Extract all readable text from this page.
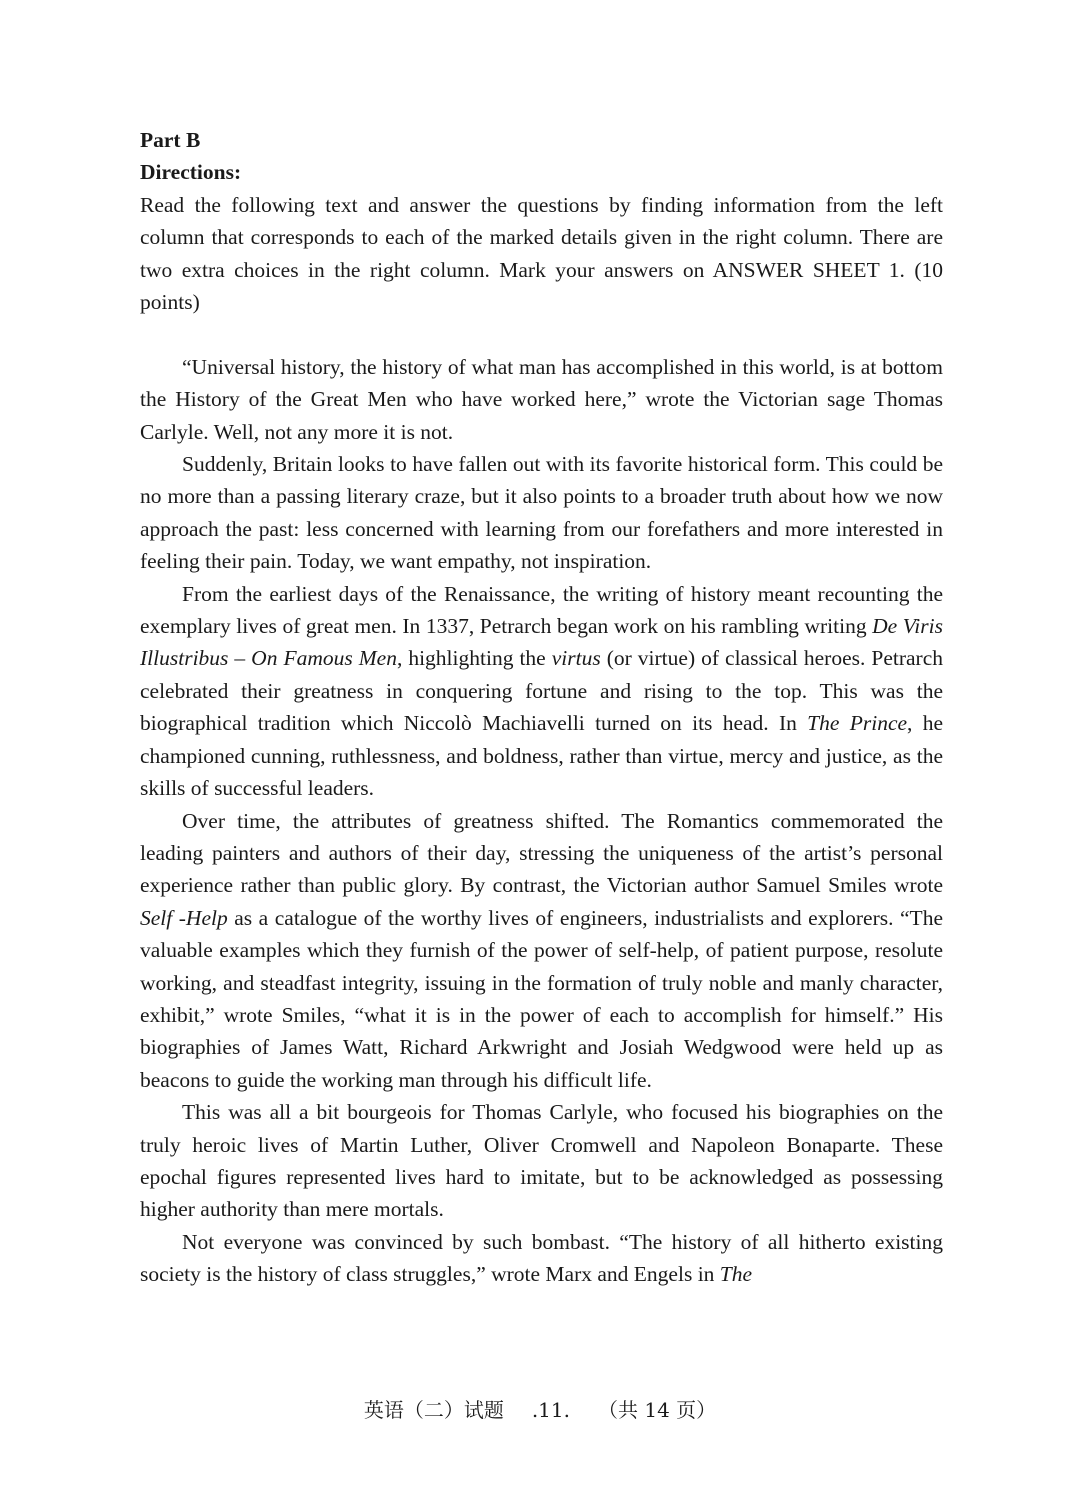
Part B

Directions:

Read the following text and answer the questions by finding information from the left column that corresponds to each of the marked details given in the right column. There are two extra choices in the right column. Mark your answers on ANSWER SHEET 1. (10 points)

“Universal history, the history of what man has accomplished in this world, is at bottom the History of the Great Men who have worked here,” wrote the Victorian sage Thomas Carlyle. Well, not any more it is not.

Suddenly, Britain looks to have fallen out with its favorite historical form. This could be no more than a passing literary craze, but it also points to a broader truth about how we now approach the past: less concerned with learning from our forefathers and more interested in feeling their pain. Today, we want empathy, not inspiration.

From the earliest days of the Renaissance, the writing of history meant recounting the exemplary lives of great men. In 1337, Petrarch began work on his rambling writing De Viris Illustribus – On Famous Men, highlighting the virtus (or virtue) of classical heroes. Petrarch celebrated their greatness in conquering fortune and rising to the top. This was the biographical tradition which Niccolò Machiavelli turned on its head. In The Prince, he championed cunning, ruthlessness, and boldness, rather than virtue, mercy and justice, as the skills of successful leaders.

Over time, the attributes of greatness shifted. The Romantics commemorated the leading painters and authors of their day, stressing the uniqueness of the artist’s personal experience rather than public glory. By contrast, the Victorian author Samuel Smiles wrote Self -Help as a catalogue of the worthy lives of engineers, industrialists and explorers. “The valuable examples which they furnish of the power of self-help, of patient purpose, resolute working, and steadfast integrity, issuing in the formation of truly noble and manly character, exhibit,” wrote Smiles, “what it is in the power of each to accomplish for himself.” His biographies of James Watt, Richard Arkwright and Josiah Wedgwood were held up as beacons to guide the working man through his difficult life.

This was all a bit bourgeois for Thomas Carlyle, who focused his biographies on the truly heroic lives of Martin Luther, Oliver Cromwell and Napoleon Bonaparte. These epochal figures represented lives hard to imitate, but to be acknowledged as possessing higher authority than mere mortals.

Not everyone was convinced by such bombast. “The history of all hitherto existing society is the history of class struggles,” wrote Marx and Engels in The

英语（二）试题 .11. （共 14 页）
